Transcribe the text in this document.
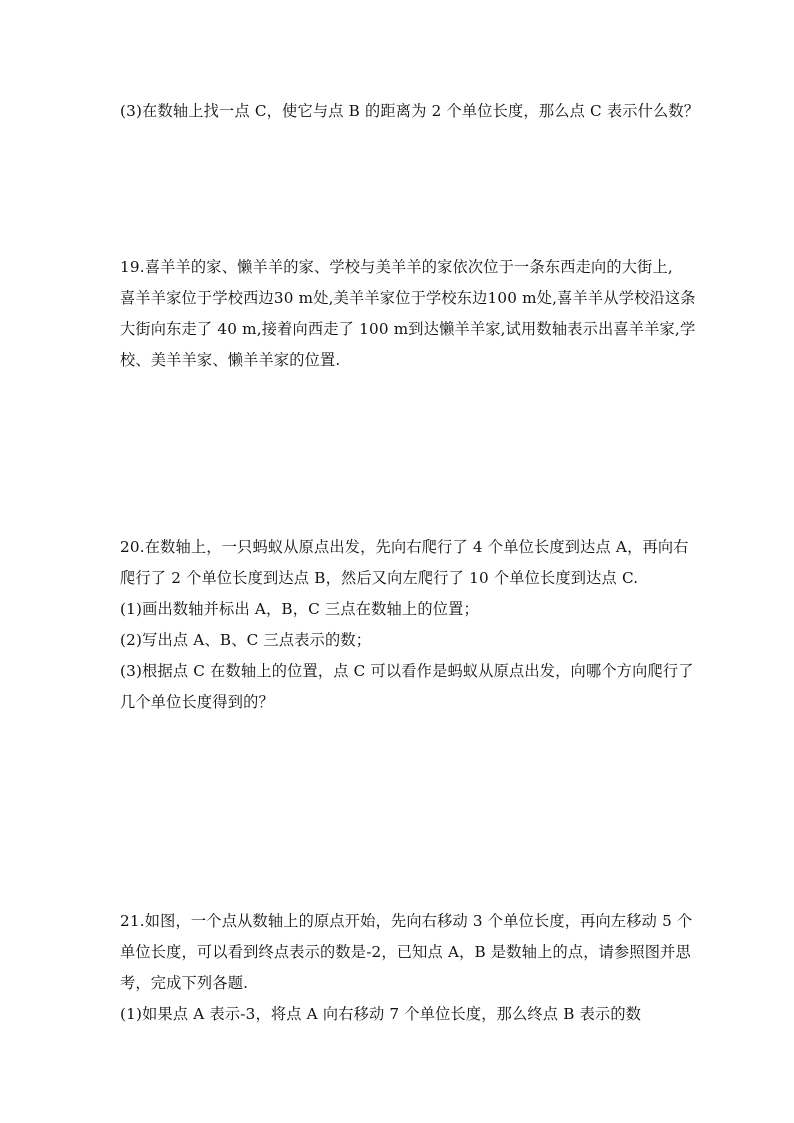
(3)在数轴上找一点 C，使它与点 B 的距离为 2 个单位长度，那么点 C 表示什么数？
19.喜羊羊的家、懒羊羊的家、学校与美羊羊的家依次位于一条东西走向的大街上,
喜羊羊家位于学校西边30 m处,美羊羊家位于学校东边100 m处,喜羊羊从学校沿这条
大街向东走了 40 m,接着向西走了 100 m到达懒羊羊家,试用数轴表示出喜羊羊家,学
校、美羊羊家、懒羊羊家的位置.
20.在数轴上，一只蚂蚁从原点出发，先向右爬行了 4 个单位长度到达点 A，再向右
爬行了 2 个单位长度到达点 B，然后又向左爬行了 10 个单位长度到达点 C.
(1)画出数轴并标出 A，B，C 三点在数轴上的位置；
(2)写出点 A、B、C 三点表示的数；
(3)根据点 C 在数轴上的位置，点 C 可以看作是蚂蚁从原点出发，向哪个方向爬行了
几个单位长度得到的？
21.如图，一个点从数轴上的原点开始，先向右移动 3 个单位长度，再向左移动 5 个
单位长度，可以看到终点表示的数是-2，已知点 A，B 是数轴上的点，请参照图并思
考，完成下列各题.
(1)如果点 A 表示-3，将点 A 向右移动 7 个单位长度，那么终点 B 表示的数
